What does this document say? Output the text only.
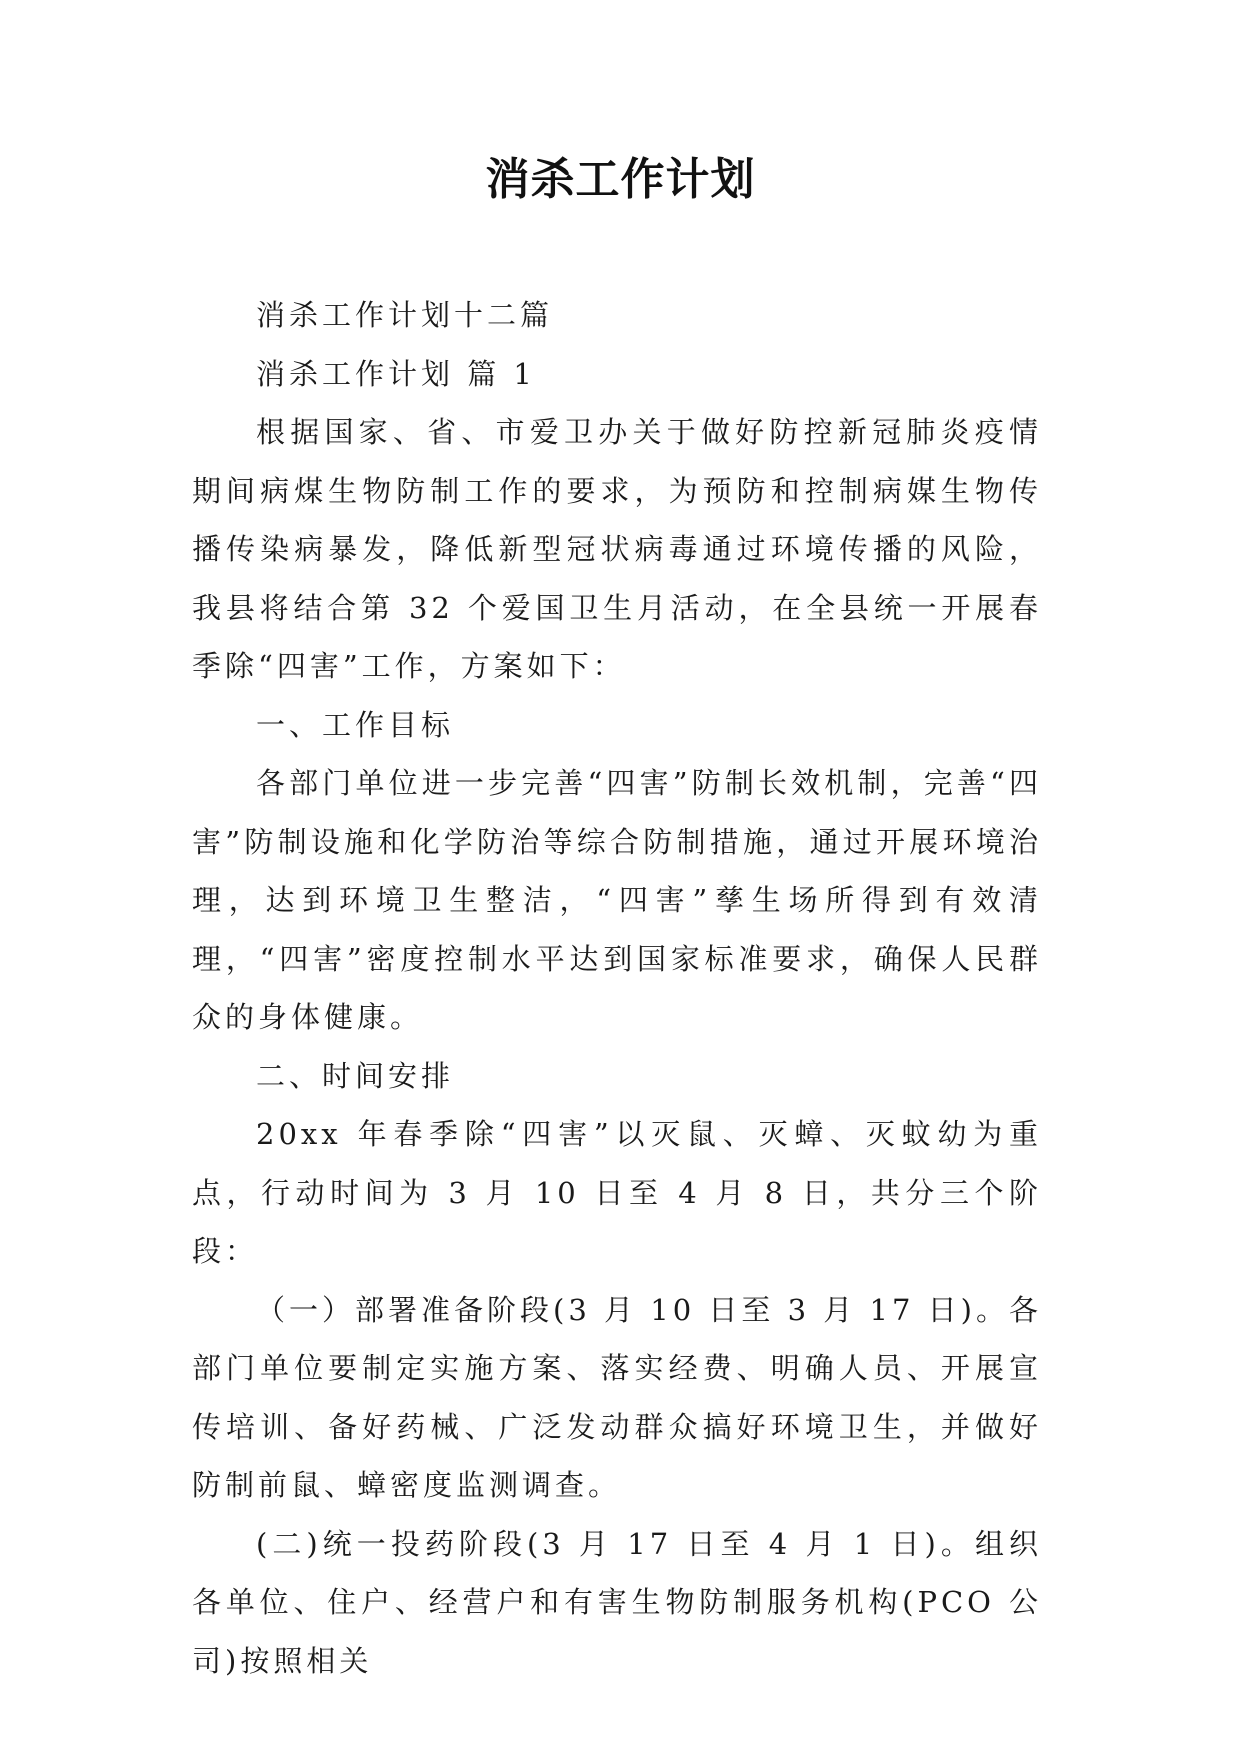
消杀工作计划

消杀工作计划十二篇

消杀工作计划 篇 1

根据国家、省、市爱卫办关于做好防控新冠肺炎疫情期间病煤生物防制工作的要求，为预防和控制病媒生物传播传染病暴发，降低新型冠状病毒通过环境传播的风险，我县将结合第 32 个爱国卫生月活动，在全县统一开展春季除“四害”工作，方案如下：

一、工作目标

各部门单位进一步完善“四害”防制长效机制，完善“四害”防制设施和化学防治等综合防制措施，通过开展环境治理，达到环境卫生整洁，“四害”孳生场所得到有效清理，“四害”密度控制水平达到国家标准要求，确保人民群众的身体健康。

二、时间安排

20xx 年春季除“四害”以灭鼠、灭蟑、灭蚊幼为重点，行动时间为 3 月 10 日至 4 月 8 日，共分三个阶段：

（一）部署准备阶段(3 月 10 日至 3 月 17 日)。各部门单位要制定实施方案、落实经费、明确人员、开展宣传培训、备好药械、广泛发动群众搞好环境卫生，并做好防制前鼠、蟑密度监测调查。

(二)统一投药阶段(3 月 17 日至 4 月 1 日)。组织各单位、住户、经营户和有害生物防制服务机构(PCO 公司)按照相关
